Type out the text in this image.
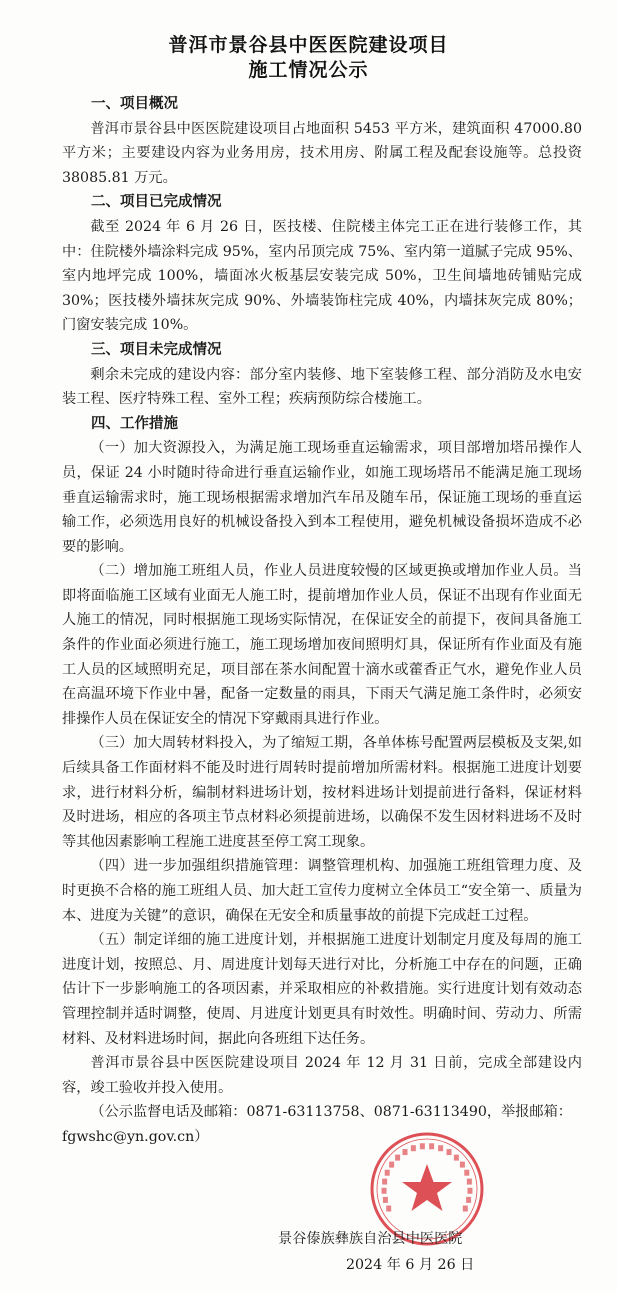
普洱市景谷县中医医院建设项目
施工情况公示

一、项目概况

普洱市景谷县中医医院建设项目占地面积 5453 平方米，建筑面积 47000.80 平方米；主要建设内容为业务用房，技术用房、附属工程及配套设施等。总投资 38085.81 万元。

二、项目已完成情况

截至 2024 年 6 月 26 日，医技楼、住院楼主体完工正在进行装修工作，其中：住院楼外墙涂料完成 95%，室内吊顶完成 75%、室内第一道腻子完成 95%、室内地坪完成 100%，墙面冰火板基层安装完成 50%，卫生间墙地砖铺贴完成 30%；医技楼外墙抹灰完成 90%、外墙装饰柱完成 40%，内墙抹灰完成 80%；门窗安装完成 10%。

三、项目未完成情况

剩余未完成的建设内容：部分室内装修、地下室装修工程、部分消防及水电安装工程、医疗特殊工程、室外工程；疾病预防综合楼施工。

四、工作措施

（一）加大资源投入，为满足施工现场垂直运输需求，项目部增加塔吊操作人员，保证 24 小时随时待命进行垂直运输作业，如施工现场塔吊不能满足施工现场垂直运输需求时，施工现场根据需求增加汽车吊及随车吊，保证施工现场的垂直运输工作，必须选用良好的机械设备投入到本工程使用，避免机械设备损坏造成不必要的影响。

（二）增加施工班组人员，作业人员进度较慢的区域更换或增加作业人员。当即将面临施工区域有业面无人施工时，提前增加作业人员，保证不出现有作业面无人施工的情况，同时根据施工现场实际情况，在保证安全的前提下，夜间具备施工条件的作业面必须进行施工，施工现场增加夜间照明灯具，保证所有作业面及有施工人员的区域照明充足，项目部在茶水间配置十滴水或藿香正气水，避免作业人员在高温环境下作业中暑，配备一定数量的雨具，下雨天气满足施工条件时，必须安排操作人员在保证安全的情况下穿戴雨具进行作业。

（三）加大周转材料投入，为了缩短工期，各单体栋号配置两层模板及支架,如后续具备工作面材料不能及时进行周转时提前增加所需材料。根据施工进度计划要求，进行材料分析，编制材料进场计划，按材料进场计划提前进行备料，保证材料及时进场，相应的各项主节点材料必须提前进场，以确保不发生因材料进场不及时等其他因素影响工程施工进度甚至停工窝工现象。

（四）进一步加强组织措施管理：调整管理机构、加强施工班组管理力度、及时更换不合格的施工班组人员、加大赶工宣传力度树立全体员工“安全第一、质量为本、进度为关键”的意识，确保在无安全和质量事故的前提下完成赶工过程。

（五）制定详细的施工进度计划，并根据施工进度计划制定月度及每周的施工进度计划，按照总、月、周进度计划每天进行对比，分析施工中存在的问题，正确估计下一步影响施工的各项因素，并采取相应的补救措施。实行进度计划有效动态管理控制并适时调整，使周、月进度计划更具有时效性。明确时间、劳动力、所需材料、及材料进场时间，据此向各班组下达任务。

普洱市景谷县中医医院建设项目 2024 年 12 月 31 日前，完成全部建设内容，竣工验收并投入使用。

（公示监督电话及邮箱：0871-63113758、0871-63113490，举报邮箱：

fgwshc@yn.gov.cn）

景谷傣族彝族自治县中医医院
2024 年 6 月 26 日
